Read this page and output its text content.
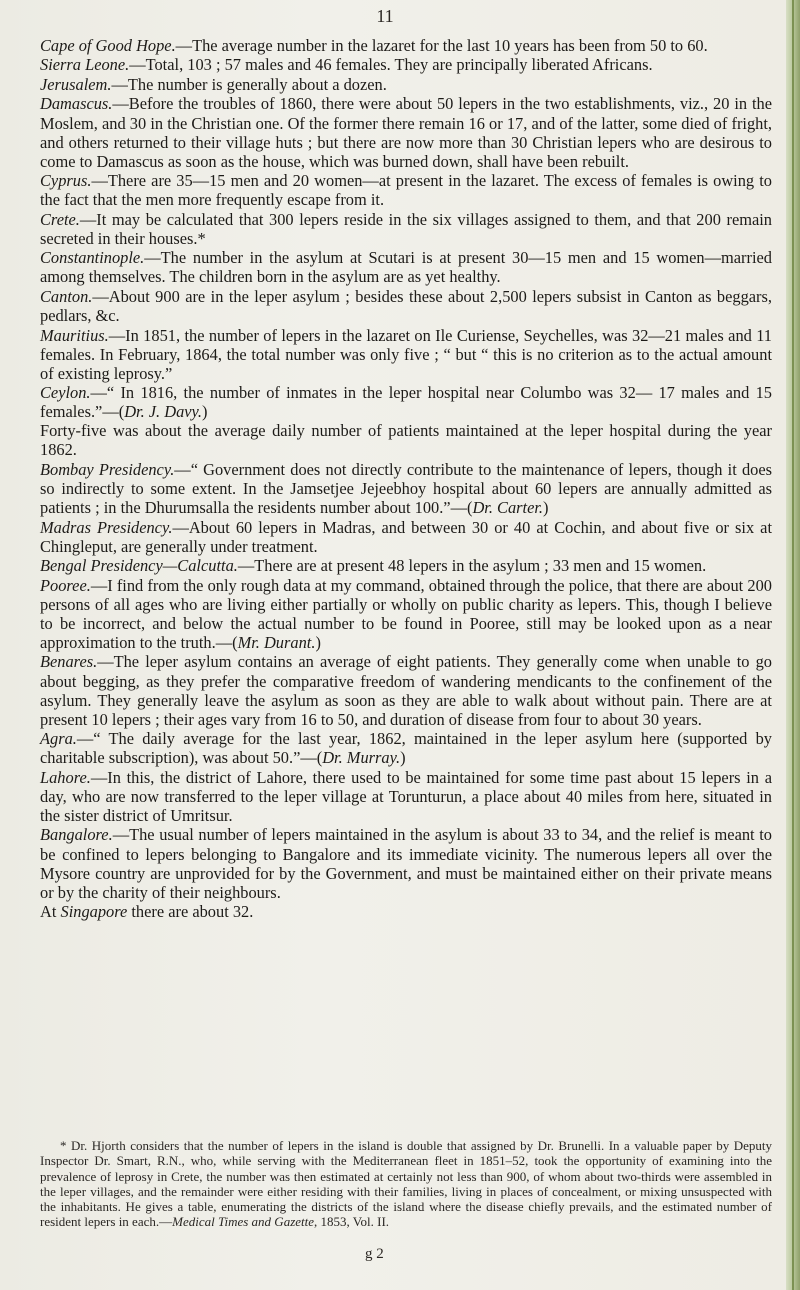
11

Cape of Good Hope.—The average number in the lazaret for the last 10 years has been from 50 to 60.

Sierra Leone.—Total, 103 ; 57 males and 46 females. They are principally liberated Africans.

Jerusalem.—The number is generally about a dozen.

Damascus.—Before the troubles of 1860, there were about 50 lepers in the two establishments, viz., 20 in the Moslem, and 30 in the Christian one. Of the former there remain 16 or 17, and of the latter, some died of fright, and others returned to their village huts ; but there are now more than 30 Christian lepers who are desirous to come to Damascus as soon as the house, which was burned down, shall have been rebuilt.

Cyprus.—There are 35—15 men and 20 women—at present in the lazaret. The excess of females is owing to the fact that the men more frequently escape from it.

Crete.—It may be calculated that 300 lepers reside in the six villages assigned to them, and that 200 remain secreted in their houses.*

Constantinople.—The number in the asylum at Scutari is at present 30—15 men and 15 women—married among themselves. The children born in the asylum are as yet healthy.

Canton.—About 900 are in the leper asylum ; besides these about 2,500 lepers subsist in Canton as beggars, pedlars, &c.

Mauritius.—In 1851, the number of lepers in the lazaret on Ile Curiense, Seychelles, was 32—21 males and 11 females. In February, 1864, the total number was only five ; “ but “ this is no criterion as to the actual amount of existing leprosy.”

Ceylon.—“ In 1816, the number of inmates in the leper hospital near Columbo was 32— 17 males and 15 females.”—(Dr. J. Davy.)
Forty-five was about the average daily number of patients maintained at the leper hospital during the year 1862.

Bombay Presidency.—“ Government does not directly contribute to the maintenance of lepers, though it does so indirectly to some extent. In the Jamsetjee Jejeebhoy hospital about 60 lepers are annually admitted as patients ; in the Dhurumsalla the residents number about 100.”—(Dr. Carter.)

Madras Presidency.—About 60 lepers in Madras, and between 30 or 40 at Cochin, and about five or six at Chingleput, are generally under treatment.

Bengal Presidency—Calcutta.—There are at present 48 lepers in the asylum ; 33 men and 15 women.

Pooree.—I find from the only rough data at my command, obtained through the police, that there are about 200 persons of all ages who are living either partially or wholly on public charity as lepers. This, though I believe to be incorrect, and below the actual number to be found in Pooree, still may be looked upon as a near approximation to the truth.—(Mr. Durant.)

Benares.—The leper asylum contains an average of eight patients. They generally come when unable to go about begging, as they prefer the comparative freedom of wandering mendicants to the confinement of the asylum. They generally leave the asylum as soon as they are able to walk about without pain. There are at present 10 lepers ; their ages vary from 16 to 50, and duration of disease from four to about 30 years.

Agra.—“ The daily average for the last year, 1862, maintained in the leper asylum here (supported by charitable subscription), was about 50.”—(Dr. Murray.)

Lahore.—In this, the district of Lahore, there used to be maintained for some time past about 15 lepers in a day, who are now transferred to the leper village at Torunturun, a place about 40 miles from here, situated in the sister district of Umritsur.

Bangalore.—The usual number of lepers maintained in the asylum is about 33 to 34, and the relief is meant to be confined to lepers belonging to Bangalore and its immediate vicinity. The numerous lepers all over the Mysore country are unprovided for by the Government, and must be maintained either on their private means or by the charity of their neighbours.

At Singapore there are about 32.

* Dr. Hjorth considers that the number of lepers in the island is double that assigned by Dr. Brunelli. In a valuable paper by Deputy Inspector Dr. Smart, R.N., who, while serving with the Mediterranean fleet in 1851–52, took the opportunity of examining into the prevalence of leprosy in Crete, the number was then estimated at certainly not less than 900, of whom about two-thirds were assembled in the leper villages, and the remainder were either residing with their families, living in places of concealment, or mixing unsuspected with the inhabitants. He gives a table, enumerating the districts of the island where the disease chiefly prevails, and the estimated number of resident lepers in each.—Medical Times and Gazette, 1853, Vol. II.

g 2
